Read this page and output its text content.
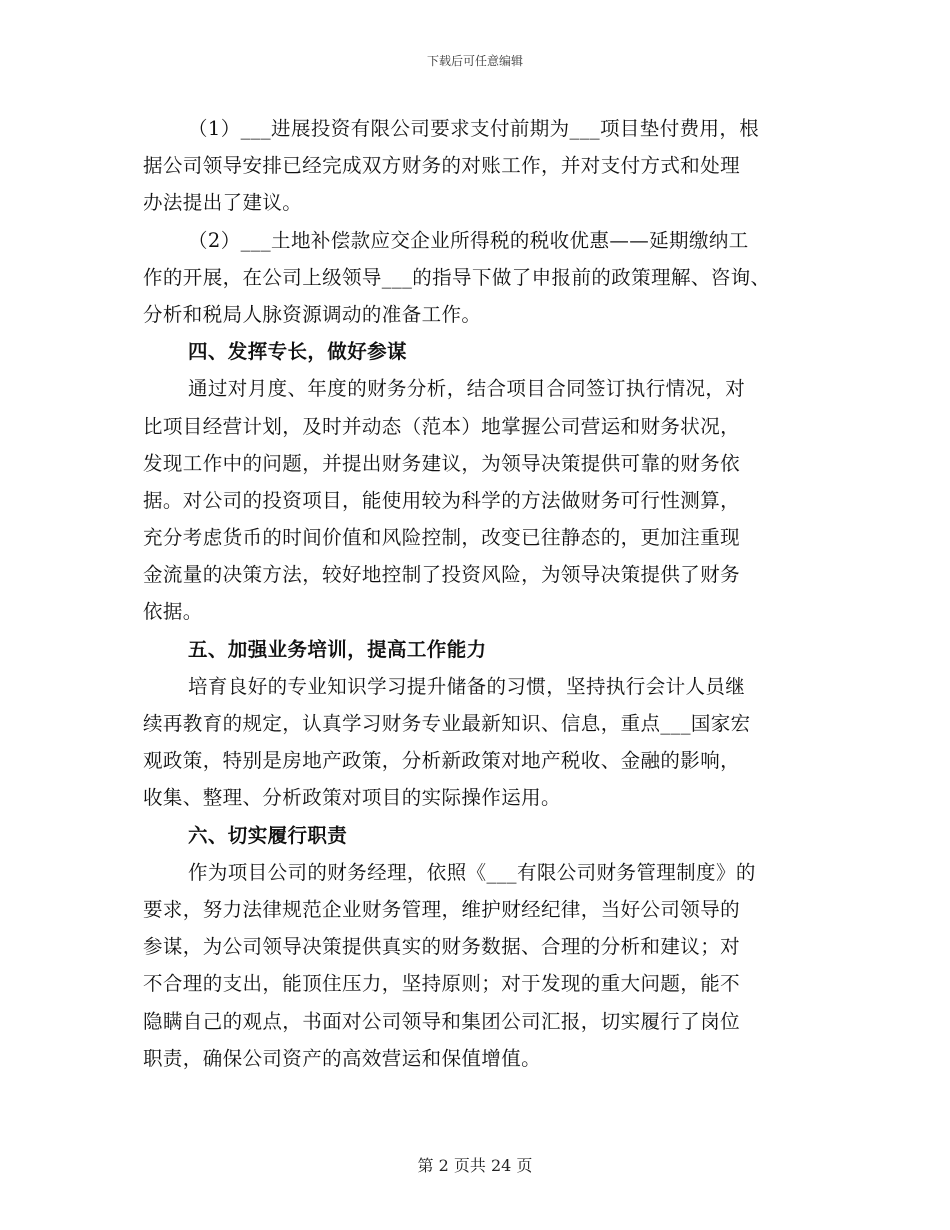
下载后可任意编辑
（1）___进展投资有限公司要求支付前期为___项目垫付费用，根
据公司领导安排已经完成双方财务的对账工作，并对支付方式和处理
办法提出了建议。
（2）___土地补偿款应交企业所得税的税收优惠——延期缴纳工
作的开展，在公司上级领导___的指导下做了申报前的政策理解、咨询、
分析和税局人脉资源调动的准备工作。
四、发挥专长，做好参谋
通过对月度、年度的财务分析，结合项目合同签订执行情况，对
比项目经营计划，及时并动态（范本）地掌握公司营运和财务状况，
发现工作中的问题，并提出财务建议，为领导决策提供可靠的财务依
据。对公司的投资项目，能使用较为科学的方法做财务可行性测算，
充分考虑货币的时间价值和风险控制，改变已往静态的，更加注重现
金流量的决策方法，较好地控制了投资风险，为领导决策提供了财务
依据。
五、加强业务培训，提高工作能力
培育良好的专业知识学习提升储备的习惯，坚持执行会计人员继
续再教育的规定，认真学习财务专业最新知识、信息，重点___国家宏
观政策，特别是房地产政策，分析新政策对地产税收、金融的影响，
收集、整理、分析政策对项目的实际操作运用。
六、切实履行职责
作为项目公司的财务经理，依照《___有限公司财务管理制度》的
要求，努力法律规范企业财务管理，维护财经纪律，当好公司领导的
参谋，为公司领导决策提供真实的财务数据、合理的分析和建议；对
不合理的支出，能顶住压力，坚持原则；对于发现的重大问题，能不
隐瞒自己的观点，书面对公司领导和集团公司汇报，切实履行了岗位
职责，确保公司资产的高效营运和保值增值。
第 2 页共 24 页
